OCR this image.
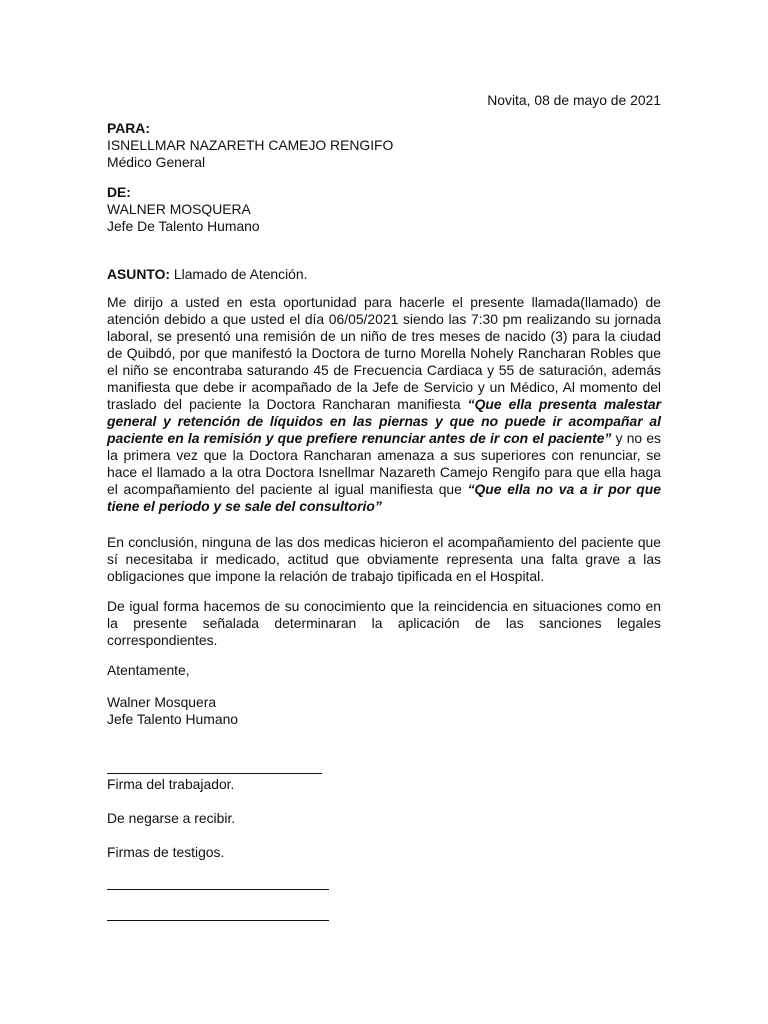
Novita, 08 de mayo de 2021
PARA:
ISNELLMAR NAZARETH CAMEJO RENGIFO
Médico General
DE:
WALNER MOSQUERA
Jefe De Talento Humano
ASUNTO: Llamado de Atención.
Me dirijo a usted en esta oportunidad para hacerle el presente llamada(llamado) de atención debido a que usted el día 06/05/2021 siendo las 7:30 pm realizando su jornada laboral, se presentó una remisión de un niño de tres meses de nacido (3) para la ciudad de Quibdó, por que manifestó la Doctora de turno Morella Nohely Rancharan Robles que el niño se encontraba saturando 45 de Frecuencia Cardiaca y 55 de saturación, además manifiesta que debe ir acompañado de la Jefe de Servicio y un Médico, Al momento del traslado del paciente la Doctora Rancharan manifiesta “Que ella presenta malestar general y retención de líquidos en las piernas y que no puede ir acompañar al paciente en la remisión y que prefiere renunciar antes de ir con el paciente” y no es la primera vez que la Doctora Rancharan amenaza a sus superiores con renunciar, se hace el llamado a la otra Doctora Isnellmar Nazareth Camejo Rengifo para que ella haga el acompañamiento del paciente al igual manifiesta que “Que ella no va a ir por que tiene el periodo y se sale del consultorio”
En conclusión, ninguna de las dos medicas hicieron el acompañamiento del paciente que sí necesitaba ir medicado, actitud que obviamente representa una falta grave a las obligaciones que impone la relación de trabajo tipificada en el Hospital.
De igual forma hacemos de su conocimiento que la reincidencia en situaciones como en la presente señalada determinaran la aplicación de las sanciones legales correspondientes.
Atentamente,
Walner Mosquera
Jefe Talento Humano
Firma del trabajador.
De negarse a recibir.
Firmas de testigos.
